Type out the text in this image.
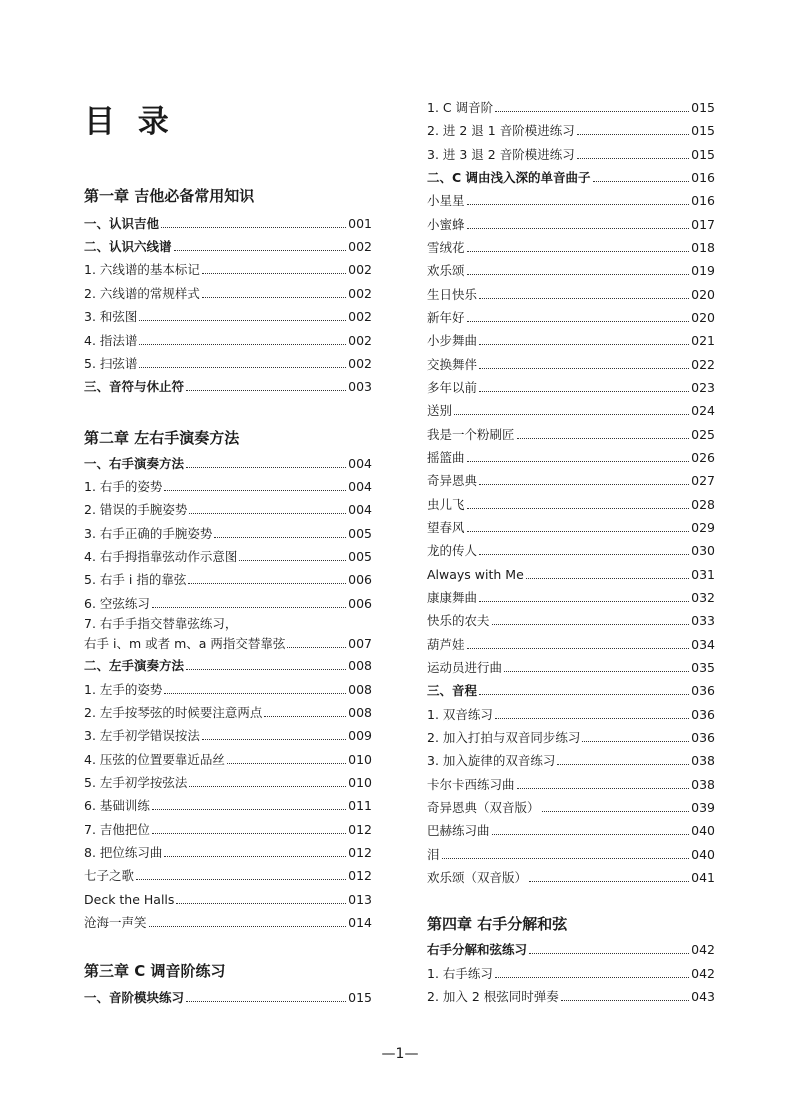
目 录
第一章 吉他必备常用知识
一、认识吉他	001
二、认识六线谱	002
1. 六线谱的基本标记	002
2. 六线谱的常规样式	002
3. 和弦图	002
4. 指法谱	002
5. 扫弦谱	002
三、音符与休止符	003
第二章 左右手演奏方法
一、右手演奏方法	004
1. 右手的姿势	004
2. 错误的手腕姿势	004
3. 右手正确的手腕姿势	005
4. 右手拇指靠弦动作示意图	005
5. 右手 i 指的靠弦	006
6. 空弦练习	006
7. 右手手指交替靠弦练习，
右手 i、m 或者 m、a 两指交替靠弦	007
二、左手演奏方法	008
1. 左手的姿势	008
2. 左手按琴弦的时候要注意两点	008
3. 左手初学错误按法	009
4. 压弦的位置要靠近品丝	010
5. 左手初学按弦法	010
6. 基础训练	011
7. 吉他把位	012
8. 把位练习曲	012
七子之歌	012
Deck the Halls	013
沧海一声笑	014
第三章 C 调音阶练习
一、音阶模块练习	015
1. C 调音阶	015
2. 进 2 退 1 音阶模进练习	015
3. 进 3 退 2 音阶模进练习	015
二、C 调由浅入深的单音曲子	016
小星星	016
小蜜蜂	017
雪绒花	018
欢乐颂	019
生日快乐	020
新年好	020
小步舞曲	021
交换舞伴	022
多年以前	023
送别	024
我是一个粉刷匠	025
摇篮曲	026
奇异恩典	027
虫儿飞	028
望春风	029
龙的传人	030
Always with Me	031
康康舞曲	032
快乐的农夫	033
葫芦娃	034
运动员进行曲	035
三、音程	036
1. 双音练习	036
2. 加入打拍与双音同步练习	036
3. 加入旋律的双音练习	038
卡尔卡西练习曲	038
奇异恩典（双音版）	039
巴赫练习曲	040
泪	040
欢乐颂（双音版）	041
第四章 右手分解和弦
右手分解和弦练习	042
1. 右手练习	042
2. 加入 2 根弦同时弹奏	043
—1—
